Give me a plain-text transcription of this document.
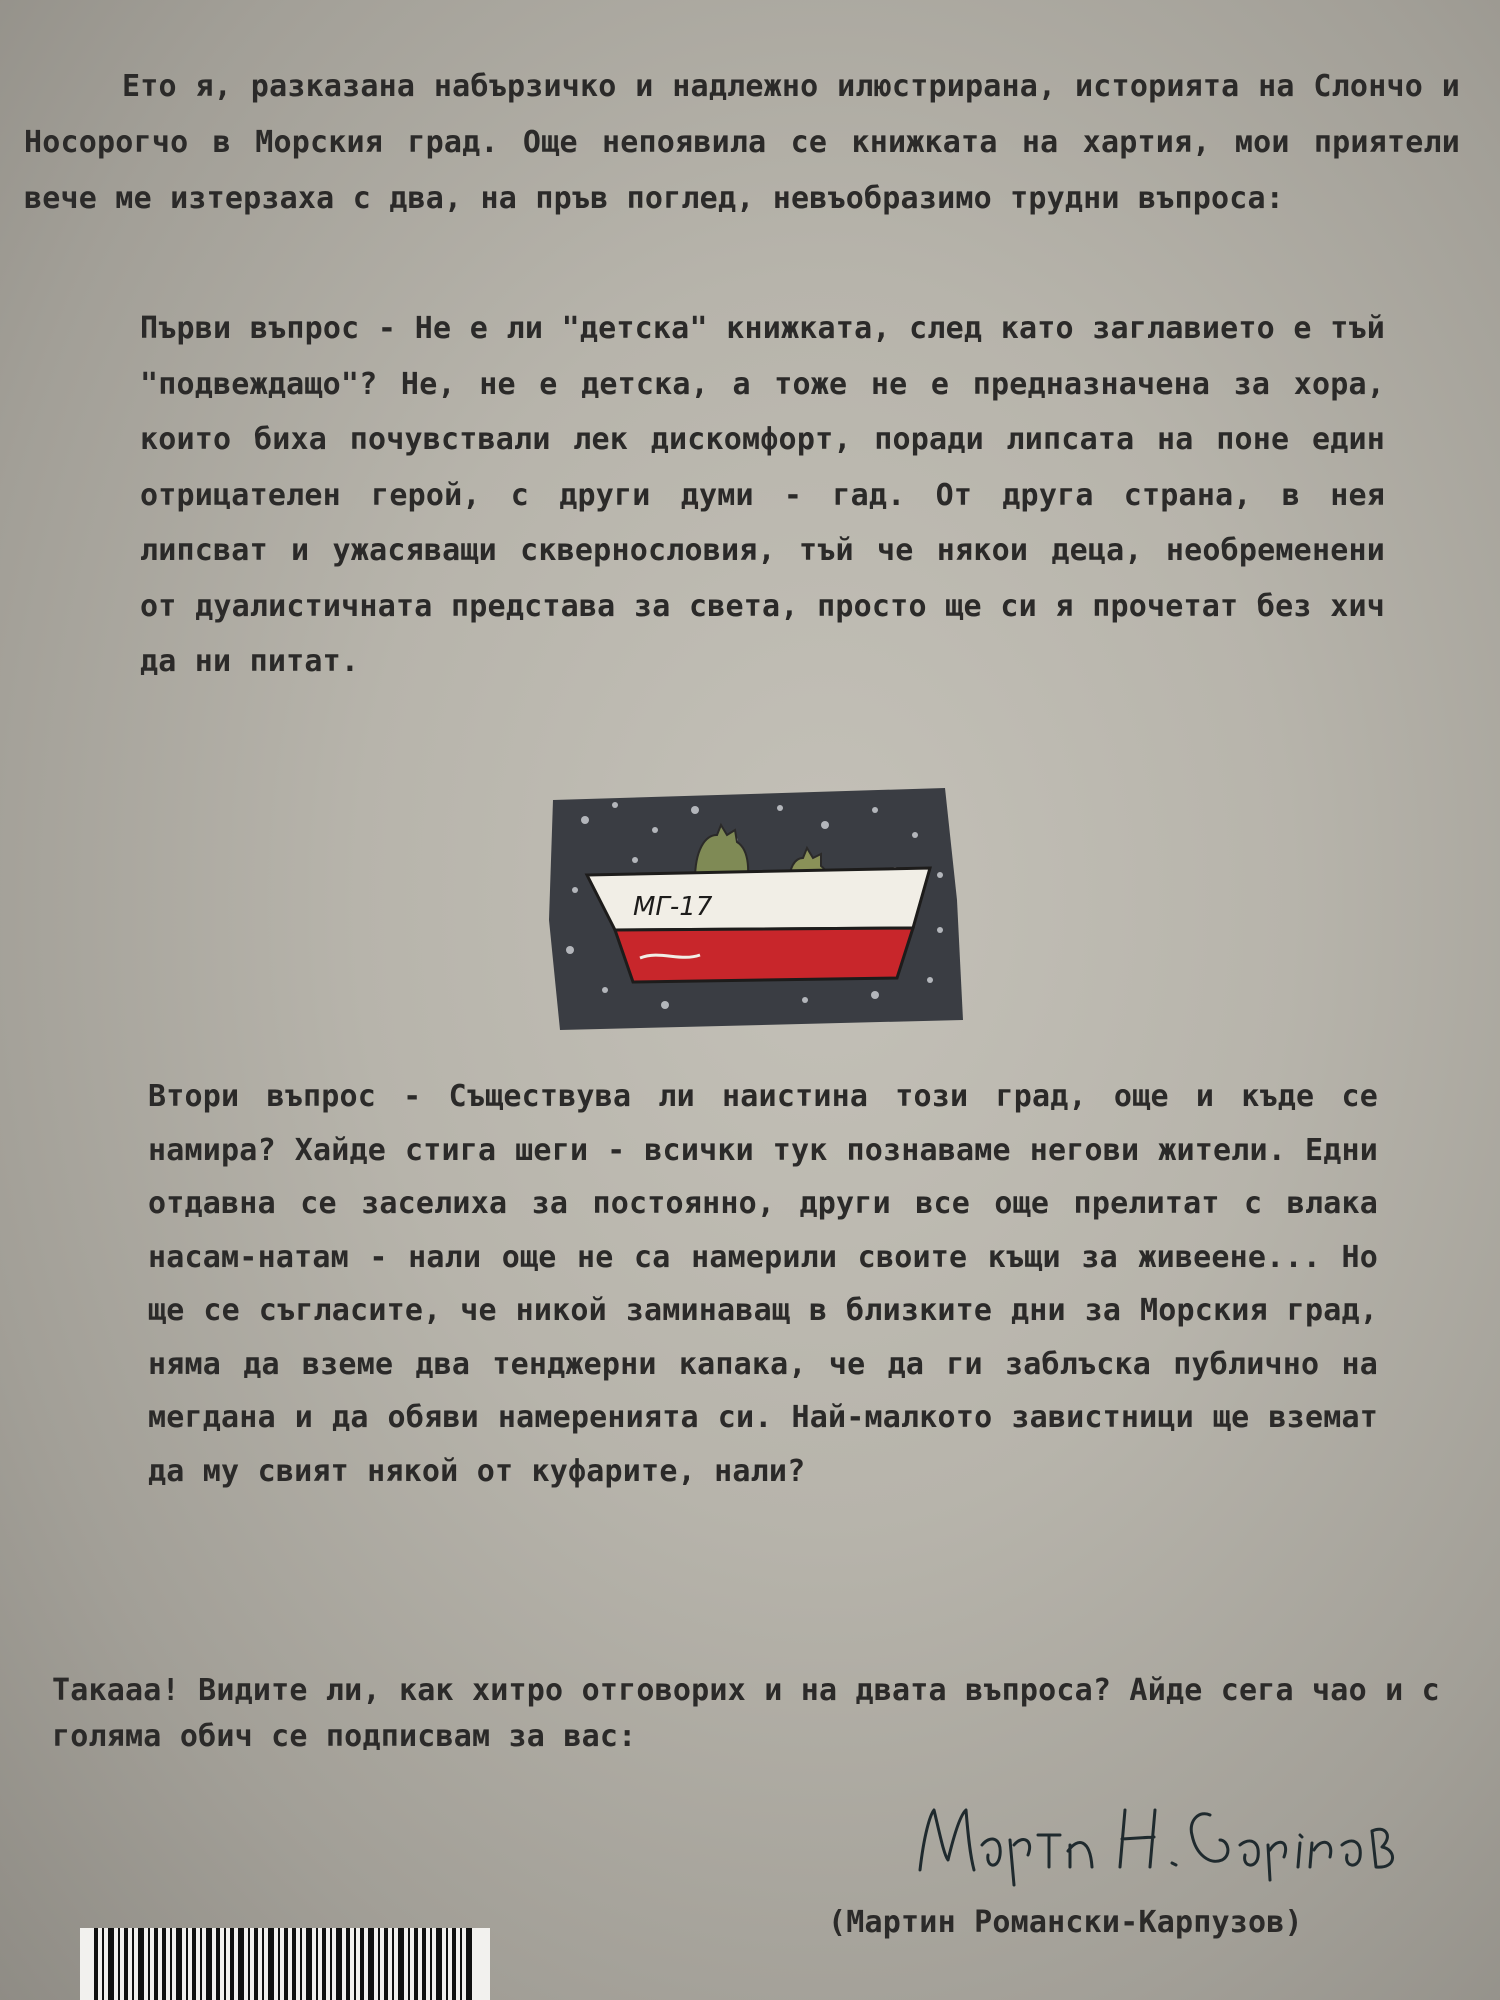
Ето я, разказана набързичко и надлежно илюстрирана, историята на Слончо и Носорогчо в Морския град. Още непоявила се книжката на хартия, мои приятели вече ме изтерзаха с два, на пръв поглед, невъобразимо трудни въпроса:

Първи въпрос - Не е ли "детска" книжката, след като заглавието е тъй "подвеждащо"? Не, не е детска, а тоже не е предназначена за хора, които биха почувствали лек дискомфорт, поради липсата на поне един отрицателен герой, с други думи - гад. От друга страна, в нея липсват и ужасяващи сквернословия, тъй че някои деца, необременени от дуалистичната представа за света, просто ще си я прочетат без хич да ни питат.

МГ-17

Втори въпрос - Съществува ли наистина този град, още и къде се намира? Хайде стига шеги - всички тук познаваме негови жители. Едни отдавна се заселиха за постоянно, други все още прелитат с влака насам-натам - нали още не са намерили своите къщи за живеене... Но ще се съгласите, че никой заминаващ в близките дни за Морския град, няма да вземе два тенджерни капака, че да ги заблъска публично на мегдана и да обяви намеренията си. Най-малкото завистници ще вземат да му свият някой от куфарите, нали?

Такааа! Видите ли, как хитро отговорих и на двата въпроса? Айде сега чао и с голяма обич се подписвам за вас:

(Мартин Романски-Карпузов)
